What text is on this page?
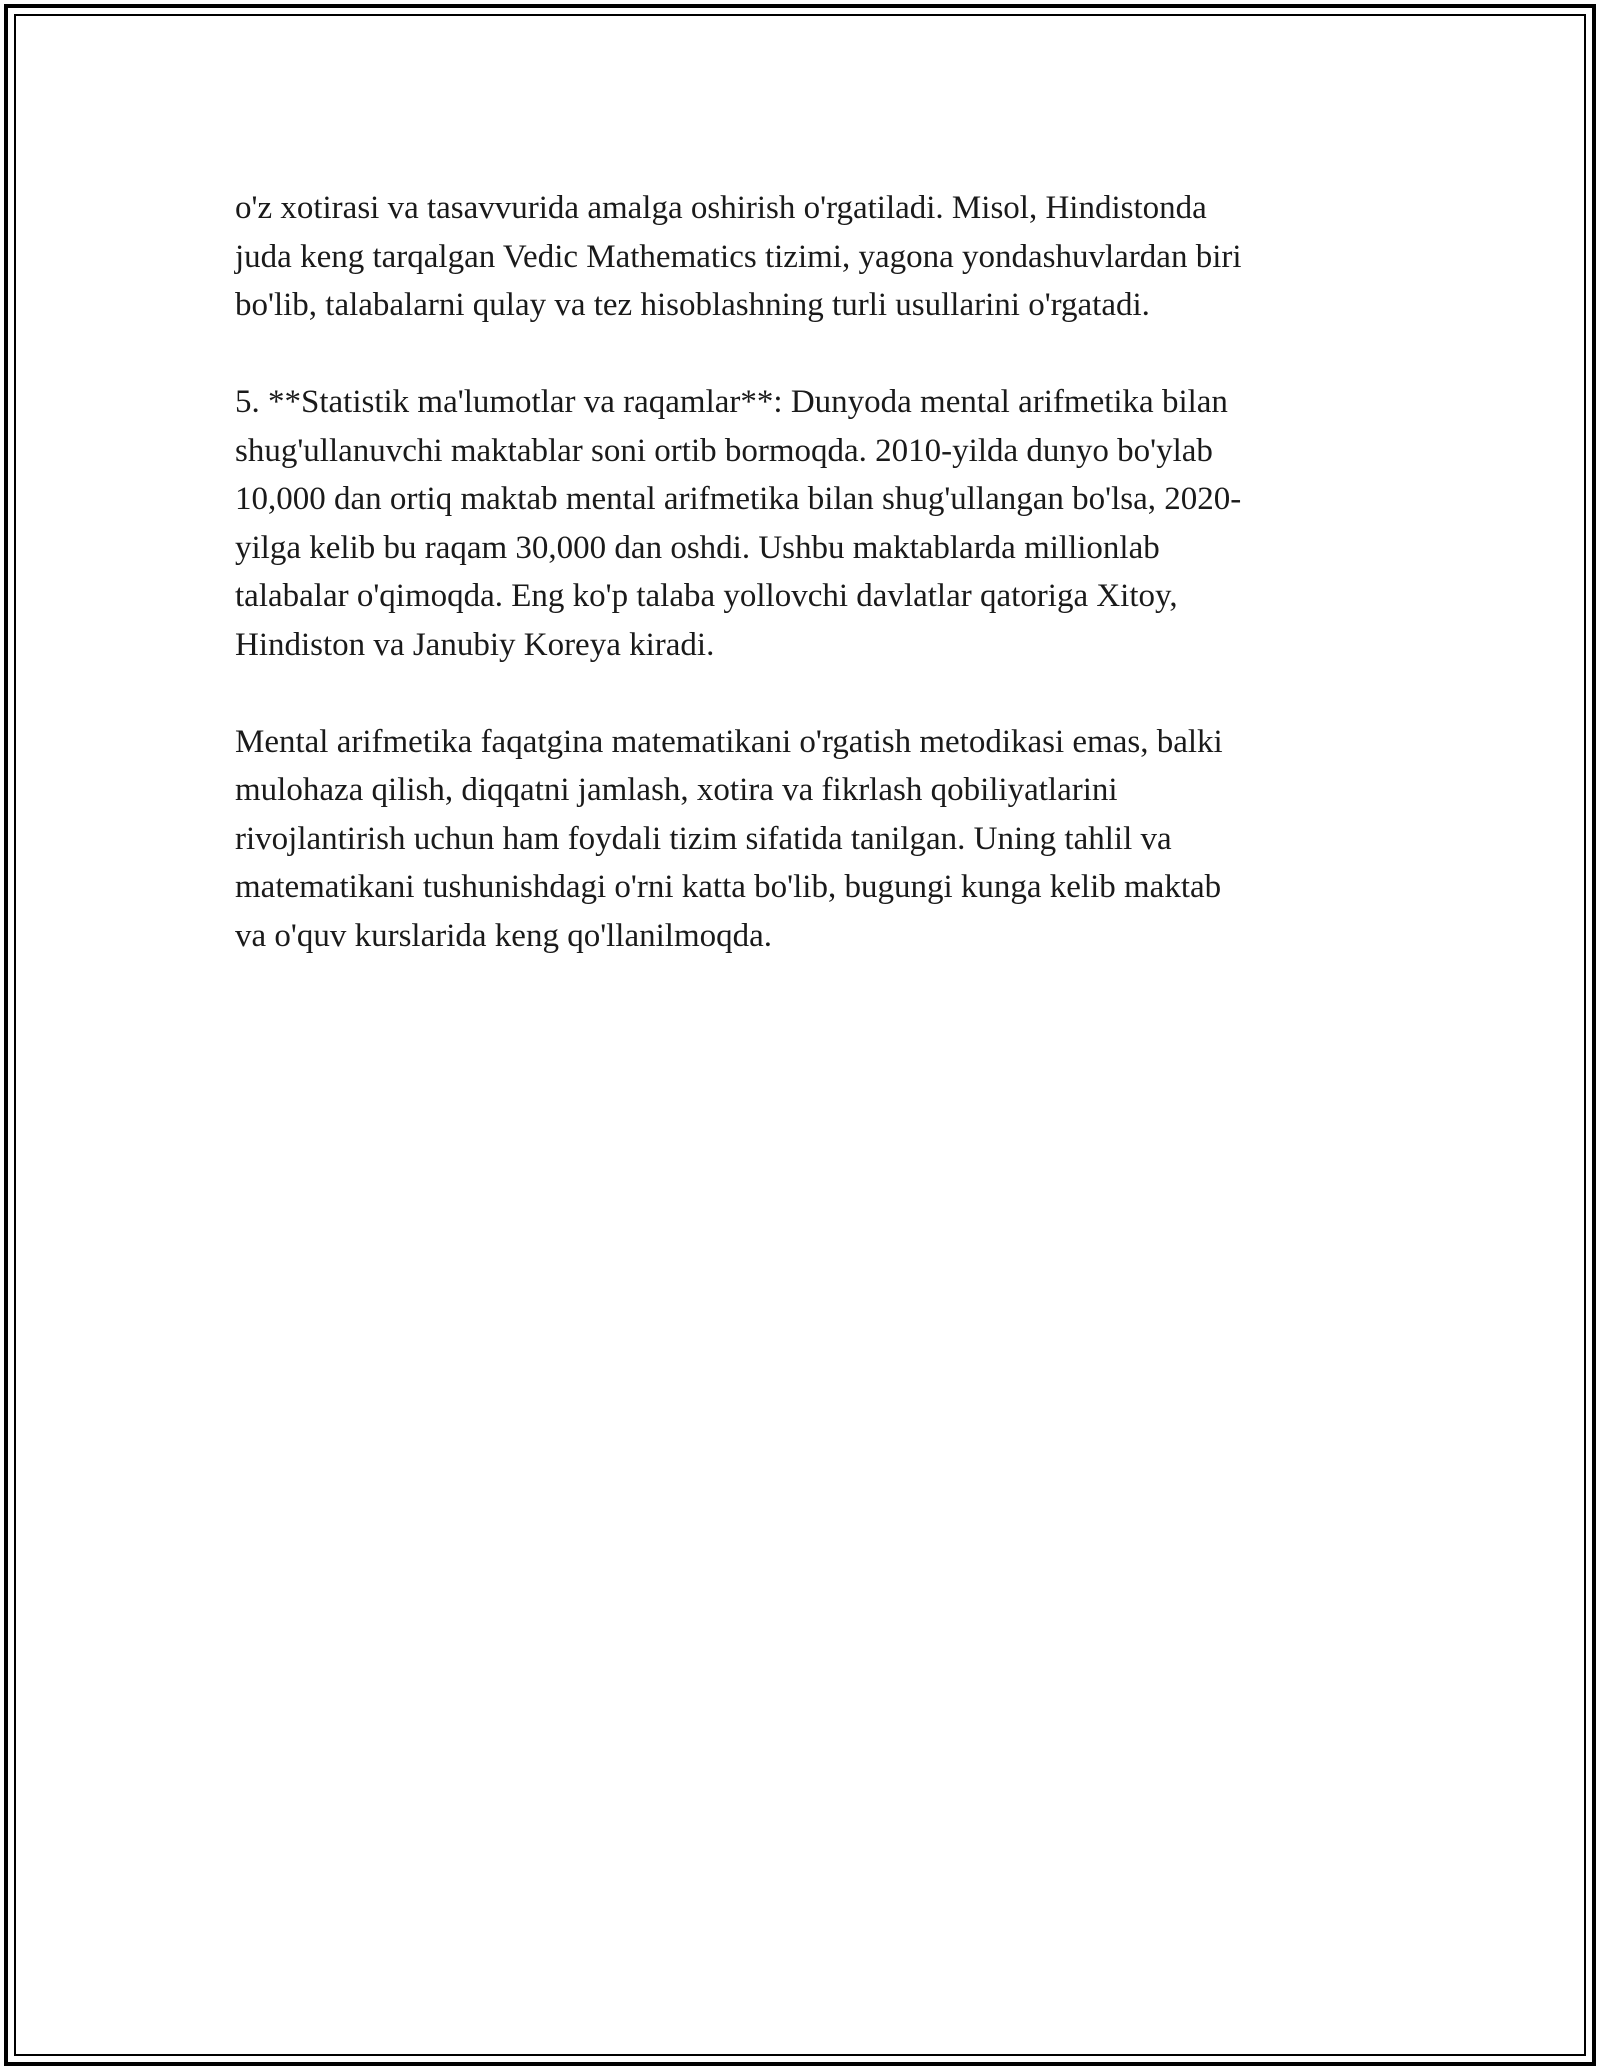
o'z xotirasi va tasavvurida amalga oshirish o'rgatiladi. Misol, Hindistonda
juda keng tarqalgan Vedic Mathematics tizimi, yagona yondashuvlardan biri
bo'lib, talabalarni qulay va tez hisoblashning turli usullarini o'rgatadi.

5. **Statistik ma'lumotlar va raqamlar**: Dunyoda mental arifmetika bilan
shug'ullanuvchi maktablar soni ortib bormoqda. 2010-yilda dunyo bo'ylab
10,000 dan ortiq maktab mental arifmetika bilan shug'ullangan bo'lsa, 2020-
yilga kelib bu raqam 30,000 dan oshdi. Ushbu maktablarda millionlab
talabalar o'qimoqda. Eng ko'p talaba yollovchi davlatlar qatoriga Xitoy,
Hindiston va Janubiy Koreya kiradi.

Mental arifmetika faqatgina matematikani o'rgatish metodikasi emas, balki
mulohaza qilish, diqqatni jamlash, xotira va fikrlash qobiliyatlarini
rivojlantirish uchun ham foydali tizim sifatida tanilgan. Uning tahlil va
matematikani tushunishdagi o'rni katta bo'lib, bugungi kunga kelib maktab
va o'quv kurslarida keng qo'llanilmoqda.
